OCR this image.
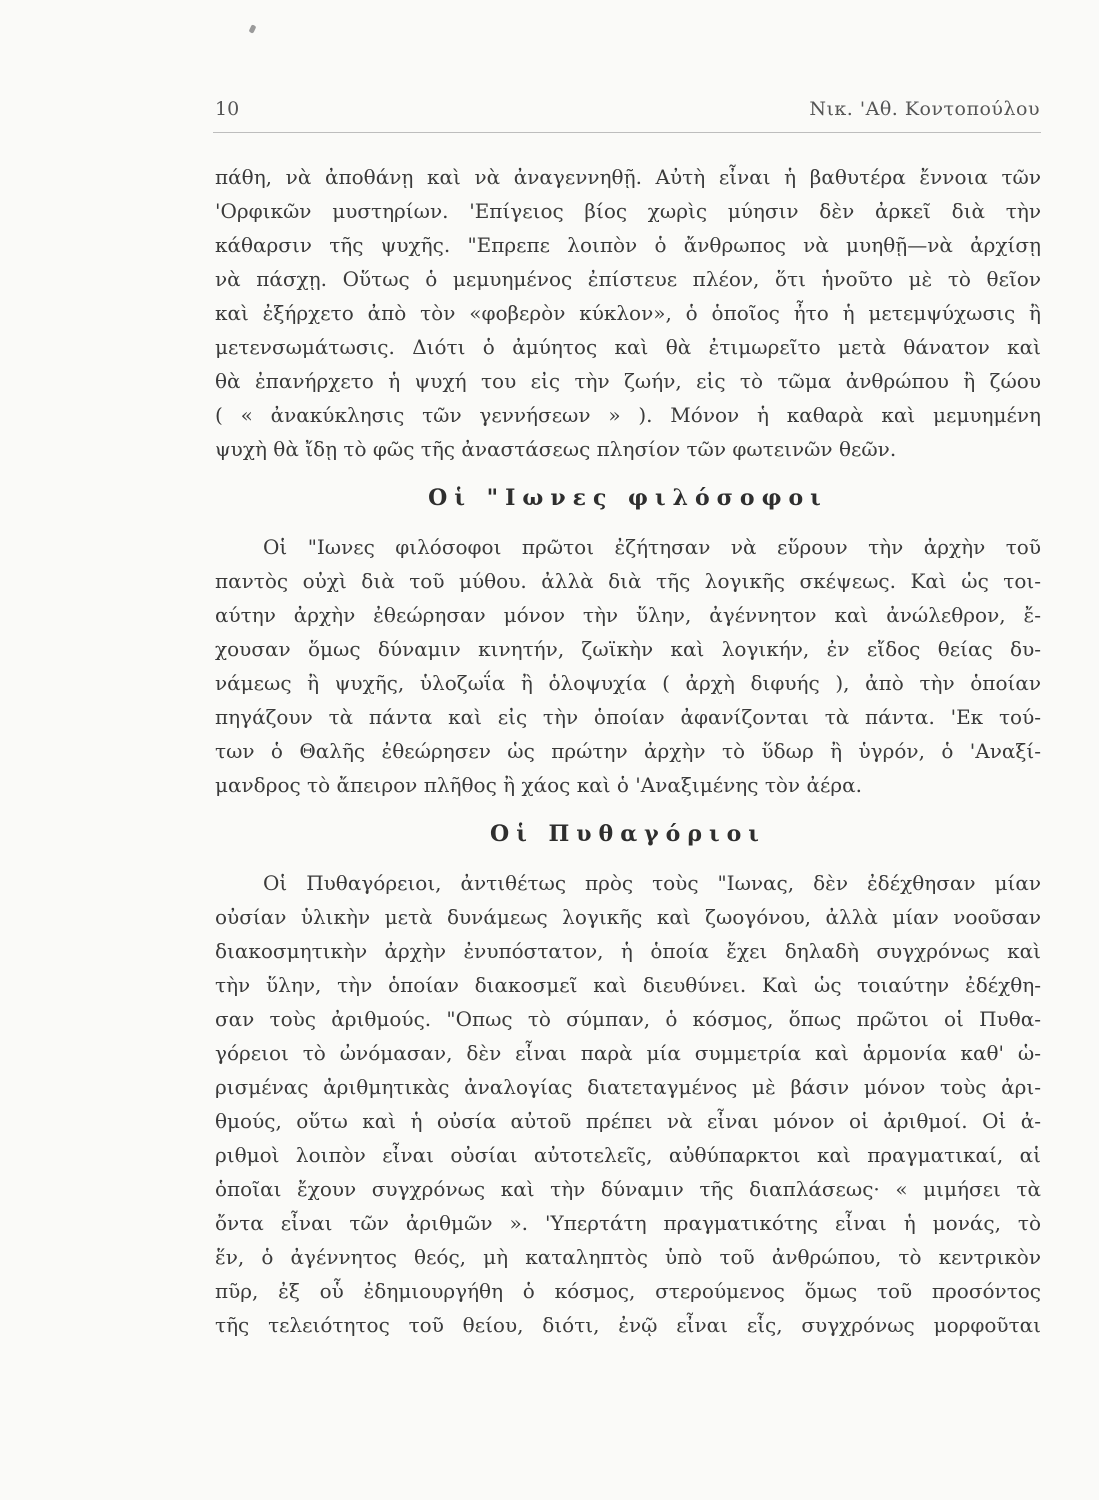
10	Νικ. 'Αθ. Κοντοπούλου
πάθη, νὰ ἀποθάνῃ καὶ νὰ ἀναγεννηθῇ. Αὐτὴ εἶναι ἡ βαθυτέρα ἔννοια τῶν
'Ορφικῶν μυστηρίων. 'Επίγειος βίος χωρὶς μύησιν δὲν ἀρκεῖ διὰ τὴν
κάθαρσιν τῆς ψυχῆς. "Επρεπε λοιπὸν ὁ ἄνθρωπος νὰ μυηθῇ—νὰ ἀρχίσῃ
νὰ πάσχῃ. Οὕτως ὁ μεμυημένος ἐπίστευε πλέον, ὅτι ἡνοῦτο μὲ τὸ θεῖον
καὶ ἐξήρχετο ἀπὸ τὸν «φοβερὸν κύκλον», ὁ ὁποῖος ἦτο ἡ μετεμψύχωσις ἢ
μετενσωμάτωσις. Διότι ὁ ἀμύητος καὶ θὰ ἐτιμωρεῖτο μετὰ θάνατον καὶ
θὰ ἐπανήρχετο ἡ ψυχή του εἰς τὴν ζωήν, εἰς τὸ τῶμα ἀνθρώπου ἢ ζώου
( « ἀνακύκλησις τῶν γεννήσεων » ). Μόνον ἡ καθαρὰ καὶ μεμυημένη
ψυχὴ θὰ ἴδῃ τὸ φῶς τῆς ἀναστάσεως πλησίον τῶν φωτεινῶν θεῶν.
Οἱ "Ιωνες φιλόσοφοι
Οἱ "Ιωνες φιλόσοφοι πρῶτοι ἐζήτησαν νὰ εὕρουν τὴν ἀρχὴν τοῦ
παντὸς οὐχὶ διὰ τοῦ μύθου. ἀλλὰ διὰ τῆς λογικῆς σκέψεως. Καὶ ὡς τοι-
αύτην ἀρχὴν ἐθεώρησαν μόνον τὴν ὕλην, ἀγέννητον καὶ ἀνώλεθρον, ἔ-
χουσαν ὅμως δύναμιν κινητήν, ζωϊκὴν καὶ λογικήν, ἐν εἴδος θείας δυ-
νάμεως ἢ ψυχῆς, ὑλοζωΐα ἢ ὁλοψυχία ( ἀρχὴ διφυής ), ἀπὸ τὴν ὁποίαν
πηγάζουν τὰ πάντα καὶ εἰς τὴν ὁποίαν ἀφανίζονται τὰ πάντα. 'Εκ τού-
των ὁ Θαλῆς ἐθεώρησεν ὡς πρώτην ἀρχὴν τὸ ὕδωρ ἢ ὑγρόν, ὁ 'Αναξί-
μανδρος τὸ ἄπειρον πλῆθος ἢ χάος καὶ ὁ 'Αναξιμένης τὸν ἀέρα.
Οἱ Πυθαγόριοι
Οἱ Πυθαγόρειοι, ἀντιθέτως πρὸς τοὺς "Ιωνας, δὲν ἐδέχθησαν μίαν
οὐσίαν ὑλικὴν μετὰ δυνάμεως λογικῆς καὶ ζωογόνου, ἀλλὰ μίαν νοοῦσαν
διακοσμητικὴν ἀρχὴν ἐνυπόστατον, ἡ ὁποία ἔχει δηλαδὴ συγχρόνως καὶ
τὴν ὕλην, τὴν ὁποίαν διακοσμεῖ καὶ διευθύνει. Καὶ ὡς τοιαύτην ἐδέχθη-
σαν τοὺς ἀριθμούς. "Οπως τὸ σύμπαν, ὁ κόσμος, ὅπως πρῶτοι οἱ Πυθα-
γόρειοι τὸ ὠνόμασαν, δὲν εἶναι παρὰ μία συμμετρία καὶ ἁρμονία καθ' ὡ-
ρισμένας ἀριθμητικὰς ἀναλογίας διατεταγμένος μὲ βάσιν μόνον τοὺς ἀρι-
θμούς, οὕτω καὶ ἡ οὐσία αὐτοῦ πρέπει νὰ εἶναι μόνον οἱ ἀριθμοί. Οἱ ἀ-
ριθμοὶ λοιπὸν εἶναι οὐσίαι αὐτοτελεῖς, αὐθύπαρκτοι καὶ πραγματικαί, αἱ
ὁποῖαι ἔχουν συγχρόνως καὶ τὴν δύναμιν τῆς διαπλάσεως· « μιμήσει τὰ
ὄντα εἶναι τῶν ἀριθμῶν ». 'Υπερτάτη πραγματικότης εἶναι ἡ μονάς, τὸ
ἕν, ὁ ἀγέννητος θεός, μὴ καταληπτὸς ὑπὸ τοῦ ἀνθρώπου, τὸ κεντρικὸν
πῦρ, ἐξ οὗ ἐδημιουργήθη ὁ κόσμος, στερούμενος ὅμως τοῦ προσόντος
τῆς τελειότητος τοῦ θείου, διότι, ἐνῷ εἶναι εἷς, συγχρόνως μορφοῦται
